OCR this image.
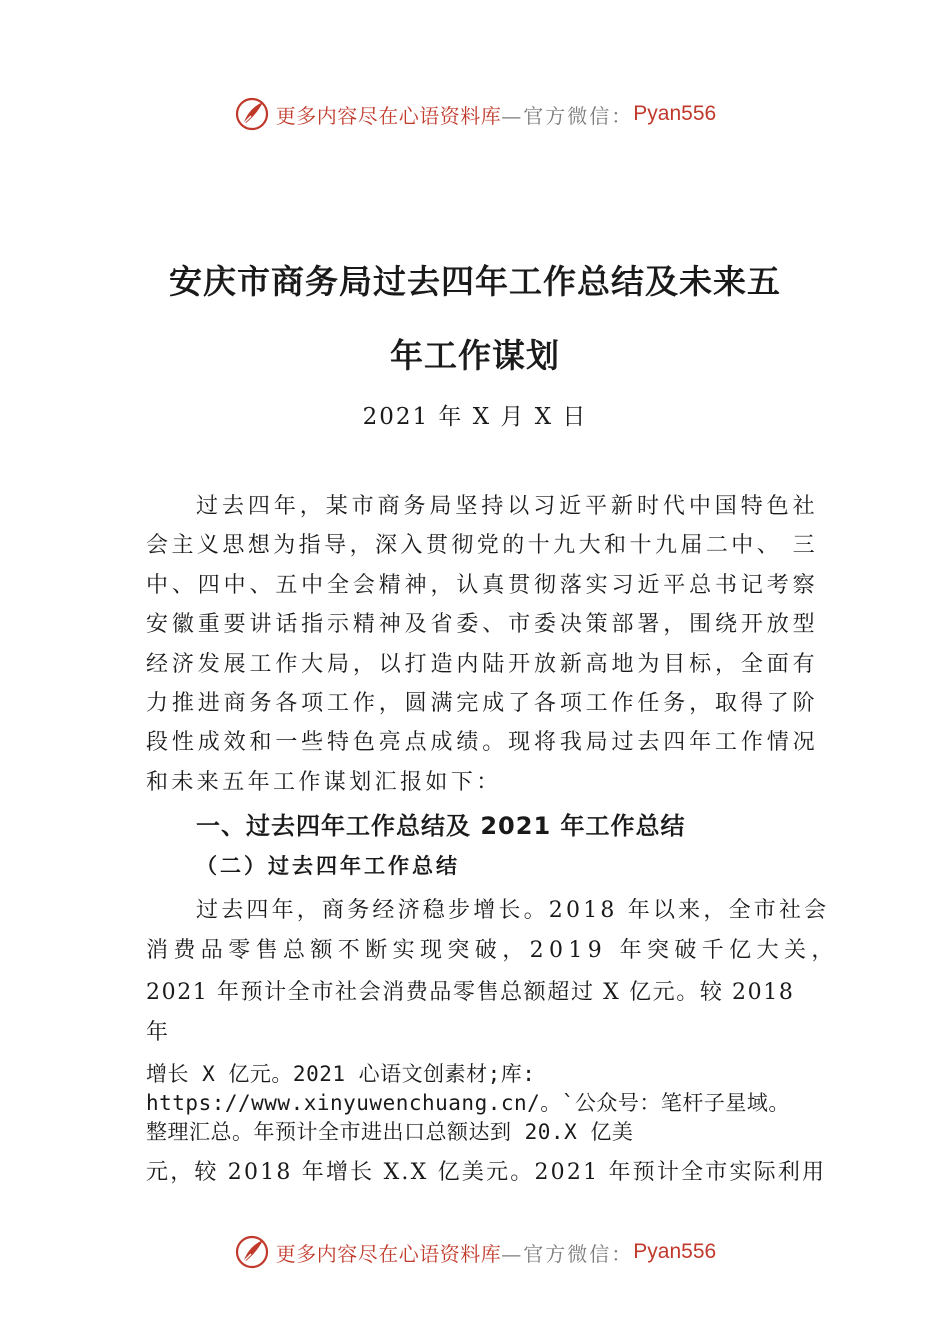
更多内容尽在心语资料库 —官方微信： Pyan556
安庆市商务局过去四年工作总结及未来五
年工作谋划
2021 年 X 月 X 日

过去四年，某市商务局坚持以习近平新时代中国特色社会主义思想为指导，深入贯彻党的十九大和十九届二中、 三中、四中、五中全会精神，认真贯彻落实习近平总书记考察安徽重要讲话指示精神及省委、市委决策部署，围绕开放型经济发展工作大局，以打造内陆开放新高地为目标，全面有力推进商务各项工作，圆满完成了各项工作任务，取得了阶段性成效和一些特色亮点成绩。现将我局过去四年工作情况和未来五年工作谋划汇报如下：

一、过去四年工作总结及 2021 年工作总结
（二）过去四年工作总结

过去四年，商务经济稳步增长。2018 年以来，全市社会

消费品零售总额不断实现突破，2019 年突破千亿大关，

2021 年预计全市社会消费品零售总额超过 X 亿元。较 2018

年

增长 X 亿元。2021 心语文创素材;库:

https://www.xinyuwenchuang.cn/。`公众号：笔杆子星域。

整理汇总。年预计全市进出口总额达到 20.X 亿美

元，较 2018 年增长 X.X 亿美元。2021 年预计全市实际利用

更多内容尽在心语资料库 —官方微信： Pyan556
